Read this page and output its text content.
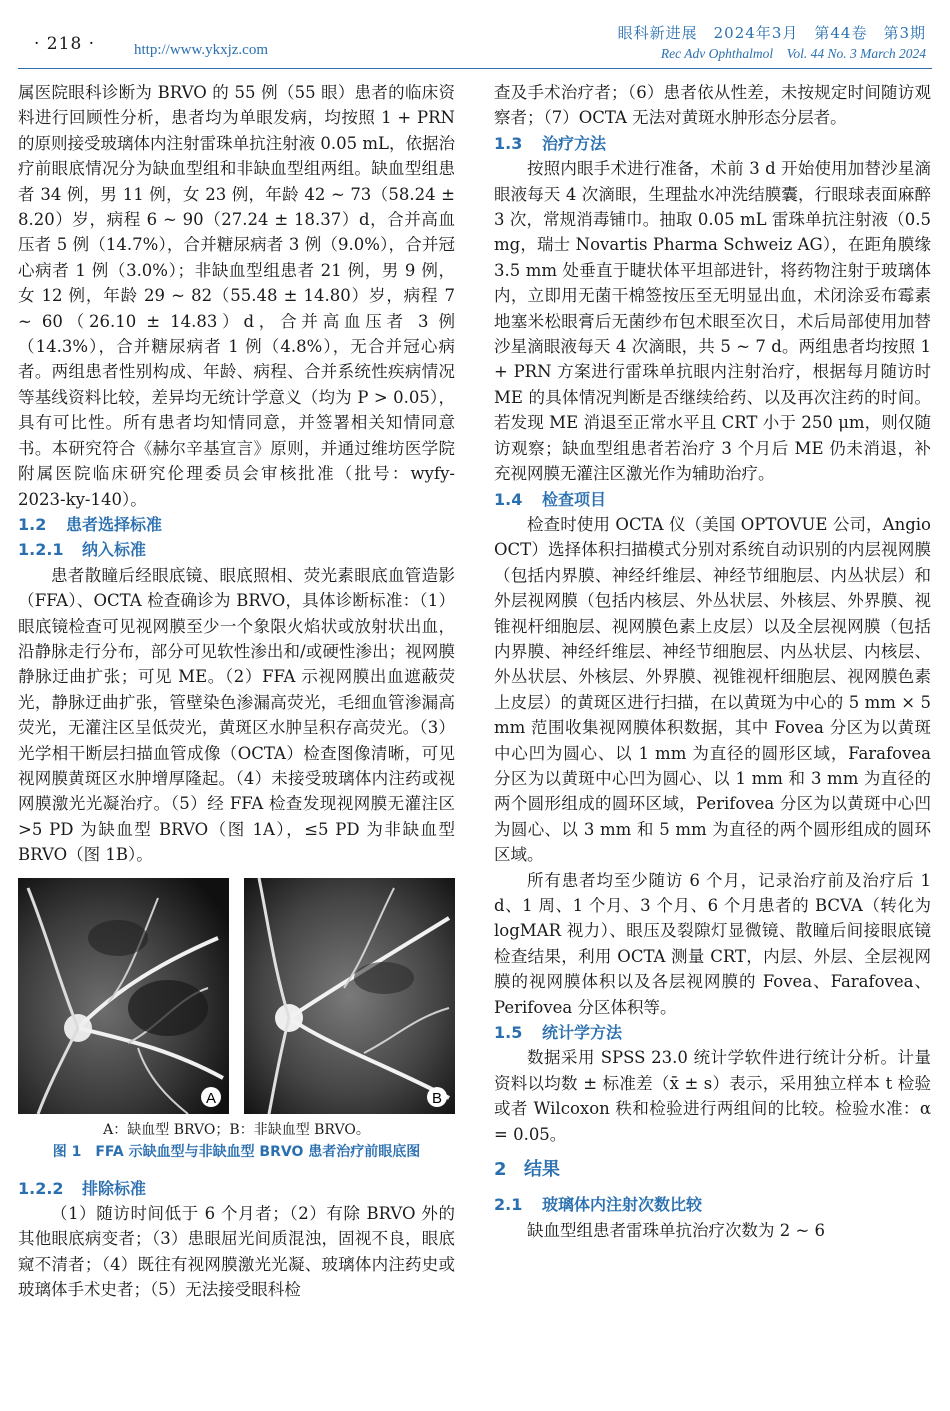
· 218 ·	http://www.ykxjz.com
眼科新进展　2024年3月　第44卷　第3期
Rec Adv Ophthalmol　Vol. 44 No. 3 March 2024

属医院眼科诊断为 BRVO 的 55 例（55 眼）患者的临床资料进行回顾性分析，患者均为单眼发病，均按照 1 + PRN 的原则接受玻璃体内注射雷珠单抗注射液 0.05 mL，依据治疗前眼底情况分为缺血型组和非缺血型组两组。缺血型组患者 34 例，男 11 例，女 23 例，年龄 42 ~ 73（58.24 ± 8.20）岁，病程 6 ~ 90（27.24 ± 18.37）d，合并高血压者 5 例（14.7%），合并糖尿病者 3 例（9.0%），合并冠心病者 1 例（3.0%）；非缺血型组患者 21 例，男 9 例，女 12 例，年龄 29 ~ 82（55.48 ± 14.80）岁，病程 7 ~ 60（26.10 ± 14.83）d，合并高血压者 3 例（14.3%），合并糖尿病者 1 例（4.8%），无合并冠心病者。两组患者性别构成、年龄、病程、合并系统性疾病情况等基线资料比较，差异均无统计学意义（均为 P > 0.05），具有可比性。所有患者均知情同意，并签署相关知情同意书。本研究符合《赫尔辛基宣言》原则，并通过维坊医学院附属医院临床研究伦理委员会审核批准（批号：wyfy-2023-ky-140）。

1.2 患者选择标准
1.2.1 纳入标准

患者散瞳后经眼底镜、眼底照相、荧光素眼底血管造影（FFA）、OCTA 检查确诊为 BRVO，具体诊断标准：（1）眼底镜检查可见视网膜至少一个象限火焰状或放射状出血，沿静脉走行分布，部分可见软性渗出和/或硬性渗出；视网膜静脉迂曲扩张；可见 ME。（2）FFA 示视网膜出血遮蔽荧光，静脉迂曲扩张，管壁染色渗漏高荧光，毛细血管渗漏高荧光，无灌注区呈低荧光，黄斑区水肿呈积存高荧光。（3）光学相干断层扫描血管成像（OCTA）检查图像清晰，可见视网膜黄斑区水肿增厚隆起。（4）未接受玻璃体内注药或视网膜激光光凝治疗。（5）经 FFA 检查发现视网膜无灌注区 >5 PD 为缺血型 BRVO（图 1A），≤5 PD 为非缺血型 BRVO（图 1B）。

A	B
A：缺血型 BRVO；B：非缺血型 BRVO。
图 1　FFA 示缺血型与非缺血型 BRVO 患者治疗前眼底图
1.2.2 排除标准

（1）随访时间低于 6 个月者；（2）有除 BRVO 外的其他眼底病变者；（3）患眼屈光间质混浊，固视不良，眼底窥不清者；（4）既往有视网膜激光光凝、玻璃体内注药史或玻璃体手术史者；（5）无法接受眼科检

查及手术治疗者；（6）患者依从性差，未按规定时间随访观察者；（7）OCTA 无法对黄斑水肿形态分层者。

1.3 治疗方法

按照内眼手术进行准备，术前 3 d 开始使用加替沙星滴眼液每天 4 次滴眼，生理盐水冲洗结膜囊，行眼球表面麻醉 3 次，常规消毒铺巾。抽取 0.05 mL 雷珠单抗注射液（0.5 mg，瑞士 Novartis Pharma Schweiz AG），在距角膜缘 3.5 mm 处垂直于睫状体平坦部进针，将药物注射于玻璃体内，立即用无菌干棉签按压至无明显出血，术闭涂妥布霉素地塞米松眼膏后无菌纱布包术眼至次日，术后局部使用加替沙星滴眼液每天 4 次滴眼，共 5 ~ 7 d。两组患者均按照 1 + PRN 方案进行雷珠单抗眼内注射治疗，根据每月随访时 ME 的具体情况判断是否继续给药、以及再次注药的时间。若发现 ME 消退至正常水平且 CRT 小于 250 μm，则仅随访观察；缺血型组患者若治疗 3 个月后 ME 仍未消退，补充视网膜无灌注区激光作为辅助治疗。

1.4 检查项目

检查时使用 OCTA 仪（美国 OPTOVUE 公司，Angio OCT）选择体积扫描模式分别对系统自动识别的内层视网膜（包括内界膜、神经纤维层、神经节细胞层、内丛状层）和外层视网膜（包括内核层、外丛状层、外核层、外界膜、视锥视杆细胞层、视网膜色素上皮层）以及全层视网膜（包括内界膜、神经纤维层、神经节细胞层、内丛状层、内核层、外丛状层、外核层、外界膜、视锥视杆细胞层、视网膜色素上皮层）的黄斑区进行扫描，在以黄斑为中心的 5 mm × 5 mm 范围收集视网膜体积数据，其中 Fovea 分区为以黄斑中心凹为圆心、以 1 mm 为直径的圆形区域，Farafovea 分区为以黄斑中心凹为圆心、以 1 mm 和 3 mm 为直径的两个圆形组成的圆环区域，Perifovea 分区为以黄斑中心凹为圆心、以 3 mm 和 5 mm 为直径的两个圆形组成的圆环区域。

所有患者均至少随访 6 个月，记录治疗前及治疗后 1 d、1 周、1 个月、3 个月、6 个月患者的 BCVA（转化为 logMAR 视力）、眼压及裂隙灯显微镜、散瞳后间接眼底镜检查结果，利用 OCTA 测量 CRT，内层、外层、全层视网膜的视网膜体积以及各层视网膜的 Fovea、Farafovea、Perifovea 分区体积等。

1.5 统计学方法

数据采用 SPSS 23.0 统计学软件进行统计分析。计量资料以均数 ± 标准差（x̄ ± s）表示，采用独立样本 t 检验或者 Wilcoxon 秩和检验进行两组间的比较。检验水准：α = 0.05。

2 结果
2.1 玻璃体内注射次数比较

缺血型组患者雷珠单抗治疗次数为 2 ~ 6
